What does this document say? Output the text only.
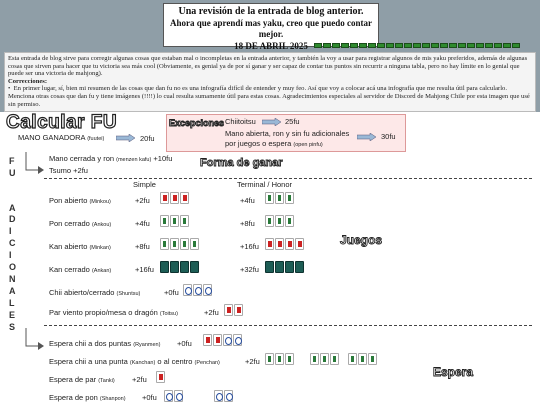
Una revisión de la entrada de blog anterior.
Ahora que aprendí mas yaku, creo que puedo contar mejor.
18 DE ABRIL 2025

Esta entrada de blog sirve para corregir algunas cosas que estaban mal o incompletas en la entrada anterior, y también la voy a usar para registrar algunos de mis yaku preferidos, además de algunas cosas que sirven para hacer que tu victoria sea más cool (Obviamente, es genial ya de por sí ganar y ser capaz de contar tus puntos sin recurrir a ninguna tabla, pero no hay límite en lo genial que puede ser una victoria de mahjong).

Correcciones:

•  En primer lugar, sí, bien mi resumen de las cosas que dan fu no es una infografía difícil de entender y muy feo. Así que voy a colocar acá una infografía que me resulta útil para calcularlo. Menciona otras cosas que dan fu y tiene imágenes (!!!!) lo cual resulta sumamente útil para estas cosas. Agradecimientos especiales al servidor de Discord de Mahjong Chile por esta imagen que usé sin permiso.

Calcular FU
MANO GANADORA (fuutei)	20fu
Excepciones Chiitoitsu	25fu
Mano abierta, ron y sin fu adicionales
por juegos o espera (open pinfu)
30fu
F
U
A
D
I
C
I
O
N
A
L
E
S
Mano cerrada y ron (menzen kafu) +10fu
Tsumo +2fu
Forma de ganar
Simple	Terminal / Honor
Pon abierto (Minkou)	+2fu	+4fu
Pon cerrado (Ankou)	+4fu	+8fu
Kan abierto (Minkan)	+8fu	+16fu
Kan cerrado (Ankan)	+16fu	+32fu
Juegos
Chii abierto/cerrado (Shuntsu)	+0fu
Par viento propio/mesa o dragón (Toitsu)	+2fu
Espera chii a dos puntas (Ryanmen) +0fu
Espera chii a una punta (Kanchan) o al centro (Penchan)	+2fu
Espera de par (Tanki) +2fu
Espera de pon (Shanpon) +0fu
Espera
